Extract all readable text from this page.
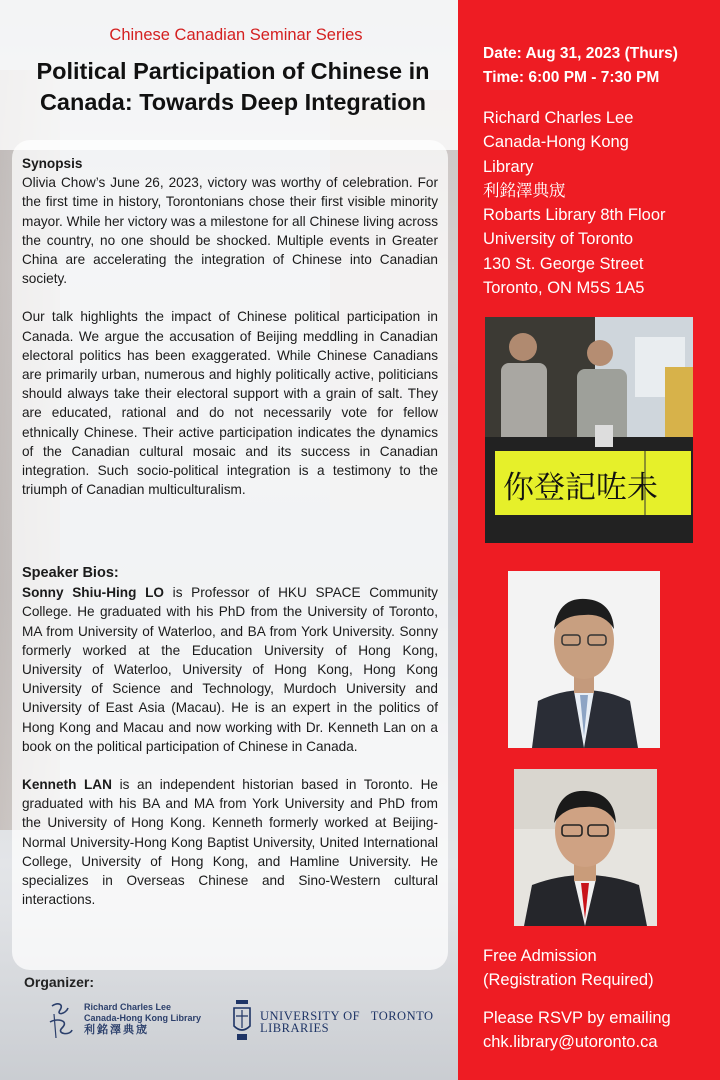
Chinese Canadian Seminar Series
Political Participation of Chinese in Canada: Towards Deep Integration
Synopsis

Olivia Chow’s June 26, 2023, victory was worthy of celebration. For the first time in history, Torontonians chose their first visible minority mayor. While her victory was a milestone for all Chinese living across the country, no one should be shocked. Multiple events in Greater China are accelerating the integration of Chinese into Canadian society.

Our talk highlights the impact of Chinese political participation in Canada. We argue the accusation of Beijing meddling in Canadian electoral politics has been exaggerated. While Chinese Canadians are primarily urban, numerous and highly politically active, politicians should always take their electoral support with a grain of salt. They are educated, rational and do not necessarily vote for fellow ethnically Chinese. Their active participation indicates the dynamics of the Canadian cultural mosaic and its success in Canadian integration. Such socio-political integration is a testimony to the triumph of Canadian multiculturalism.

Speaker Bios:

Sonny Shiu-Hing LO is Professor of HKU SPACE Community College. He graduated with his PhD from the University of Toronto, MA from University of Waterloo, and BA from York University. Sonny formerly worked at the Education University of Hong Kong, University of Waterloo, University of Hong Kong, Hong Kong University of Science and Technology, Murdoch University and University of East Asia (Macau). He is an expert in the politics of Hong Kong and Macau and now working with Dr. Kenneth Lan on a book on the political participation of Chinese in Canada.

Kenneth LAN is an independent historian based in Toronto. He graduated with his BA and MA from York University and PhD from the University of Hong Kong. Kenneth formerly worked at Beijing-Normal University-Hong Kong Baptist University, United International College, University of Hong Kong, and Hamline University. He specializes in Overseas Chinese and Sino-Western cultural interactions.

Organizer:
Richard Charles Lee
Canada-Hong Kong Library
利銘澤典宬
UNIVERSITY OF   TORONTO
LIBRARIES
Date: Aug 31, 2023 (Thurs)
Time: 6:00 PM - 7:30 PM
Richard Charles Lee
Canada-Hong Kong
Library
利銘澤典宬
Robarts Library 8th Floor
University of Toronto
130 St. George Street
Toronto, ON M5S 1A5
你登記咗未
Free Admission
(Registration Required)
Please RSVP by emailing
chk.library@utoronto.ca
